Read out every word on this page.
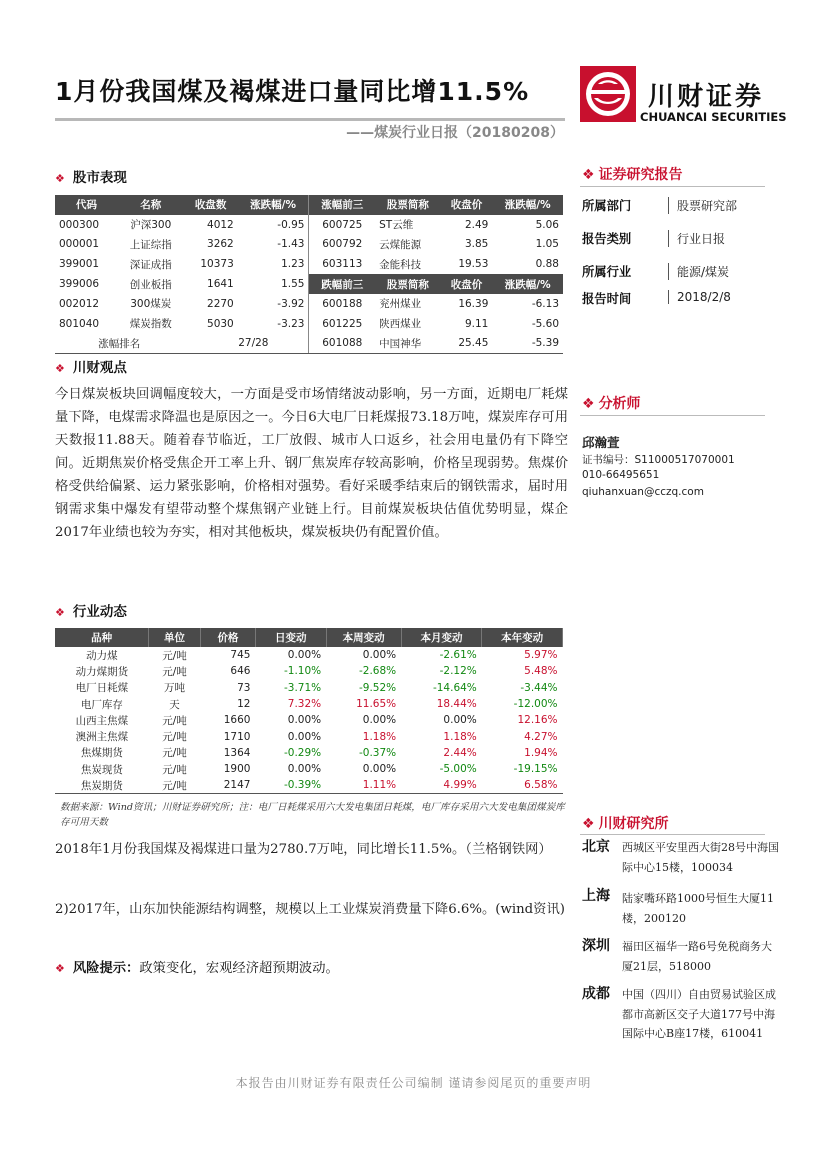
1月份我国煤及褐煤进口量同比增11.5%
——煤炭行业日报（20180208）
川财证券
CHUANCAI SECURITIES
❖ 股市表现
代码	名称	收盘数	涨跌幅/%	涨幅前三	股票简称	收盘价	涨跌幅/%
000300	沪深300	4012	-0.95	600725	ST云维	2.49	5.06
000001	上证综指	3262	-1.43	600792	云煤能源	3.85	1.05
399001	深证成指	10373	1.23	603113	金能科技	19.53	0.88
399006	创业板指	1641	1.55	跌幅前三	股票简称	收盘价	涨跌幅/%
002012	300煤炭	2270	-3.92	600188	兖州煤业	16.39	-6.13
801040	煤炭指数	5030	-3.23	601225	陕西煤业	9.11	-5.60
涨幅排名		27/28		601088	中国神华	25.45	-5.39
❖ 川财观点
今日煤炭板块回调幅度较大，一方面是受市场情绪波动影响，另一方面，近期电厂耗煤量下降，电煤需求降温也是原因之一。今日6大电厂日耗煤报73.18万吨，煤炭库存可用天数报11.88天。随着春节临近，工厂放假、城市人口返乡，社会用电量仍有下降空间。近期焦炭价格受焦企开工率上升、钢厂焦炭库存较高影响，价格呈现弱势。焦煤价格受供给偏紧、运力紧张影响，价格相对强势。看好采暖季结束后的钢铁需求，届时用钢需求集中爆发有望带动整个煤焦钢产业链上行。目前煤炭板块估值优势明显，煤企2017年业绩也较为夯实，相对其他板块，煤炭板块仍有配置价值。
❖ 行业动态
品种	单位	价格	日变动	本周变动	本月变动	本年变动
动力煤	元/吨	745	0.00%	0.00%	-2.61%	5.97%
动力煤期货	元/吨	646	-1.10%	-2.68%	-2.12%	5.48%
电厂日耗煤	万吨	73	-3.71%	-9.52%	-14.64%	-3.44%
电厂库存	天	12	7.32%	11.65%	18.44%	-12.00%
山西主焦煤	元/吨	1660	0.00%	0.00%	0.00%	12.16%
澳洲主焦煤	元/吨	1710	0.00%	1.18%	1.18%	4.27%
焦煤期货	元/吨	1364	-0.29%	-0.37%	2.44%	1.94%
焦炭现货	元/吨	1900	0.00%	0.00%	-5.00%	-19.15%
焦炭期货	元/吨	2147	-0.39%	1.11%	4.99%	6.58%
数据来源：Wind资讯；川财证券研究所；注：电厂日耗煤采用六大发电集团日耗煤，电厂库存采用六大发电集团煤炭库存可用天数
2018年1月份我国煤及褐煤进口量为2780.7万吨，同比增长11.5%。（兰格钢铁网）
2)2017年，山东加快能源结构调整，规模以上工业煤炭消费量下降6.6%。(wind资讯)
❖ 风险提示：政策变化，宏观经济超预期波动。
❖ 证券研究报告
所属部门	股票研究部
报告类别	行业日报
所属行业	能源/煤炭
报告时间	2018/2/8
❖ 分析师
邱瀚萱
证书编号：S1100051707000​1
010-66495651
qiuhanxuan@cczq.com
❖ 川财研究所
北京 西城区平安里西大街28号中海国际中心15楼，100034
上海 陆家嘴环路1000号恒生大厦11楼，200120
深圳 福田区福华一路6号免税商务大厦21层，518000
成都 中国（四川）自由贸易试验区成都市高新区交子大道177号中海国际中心B座17楼，610041
本报告由川财证券有限责任公司编制 谨请参阅尾页的重要声明
